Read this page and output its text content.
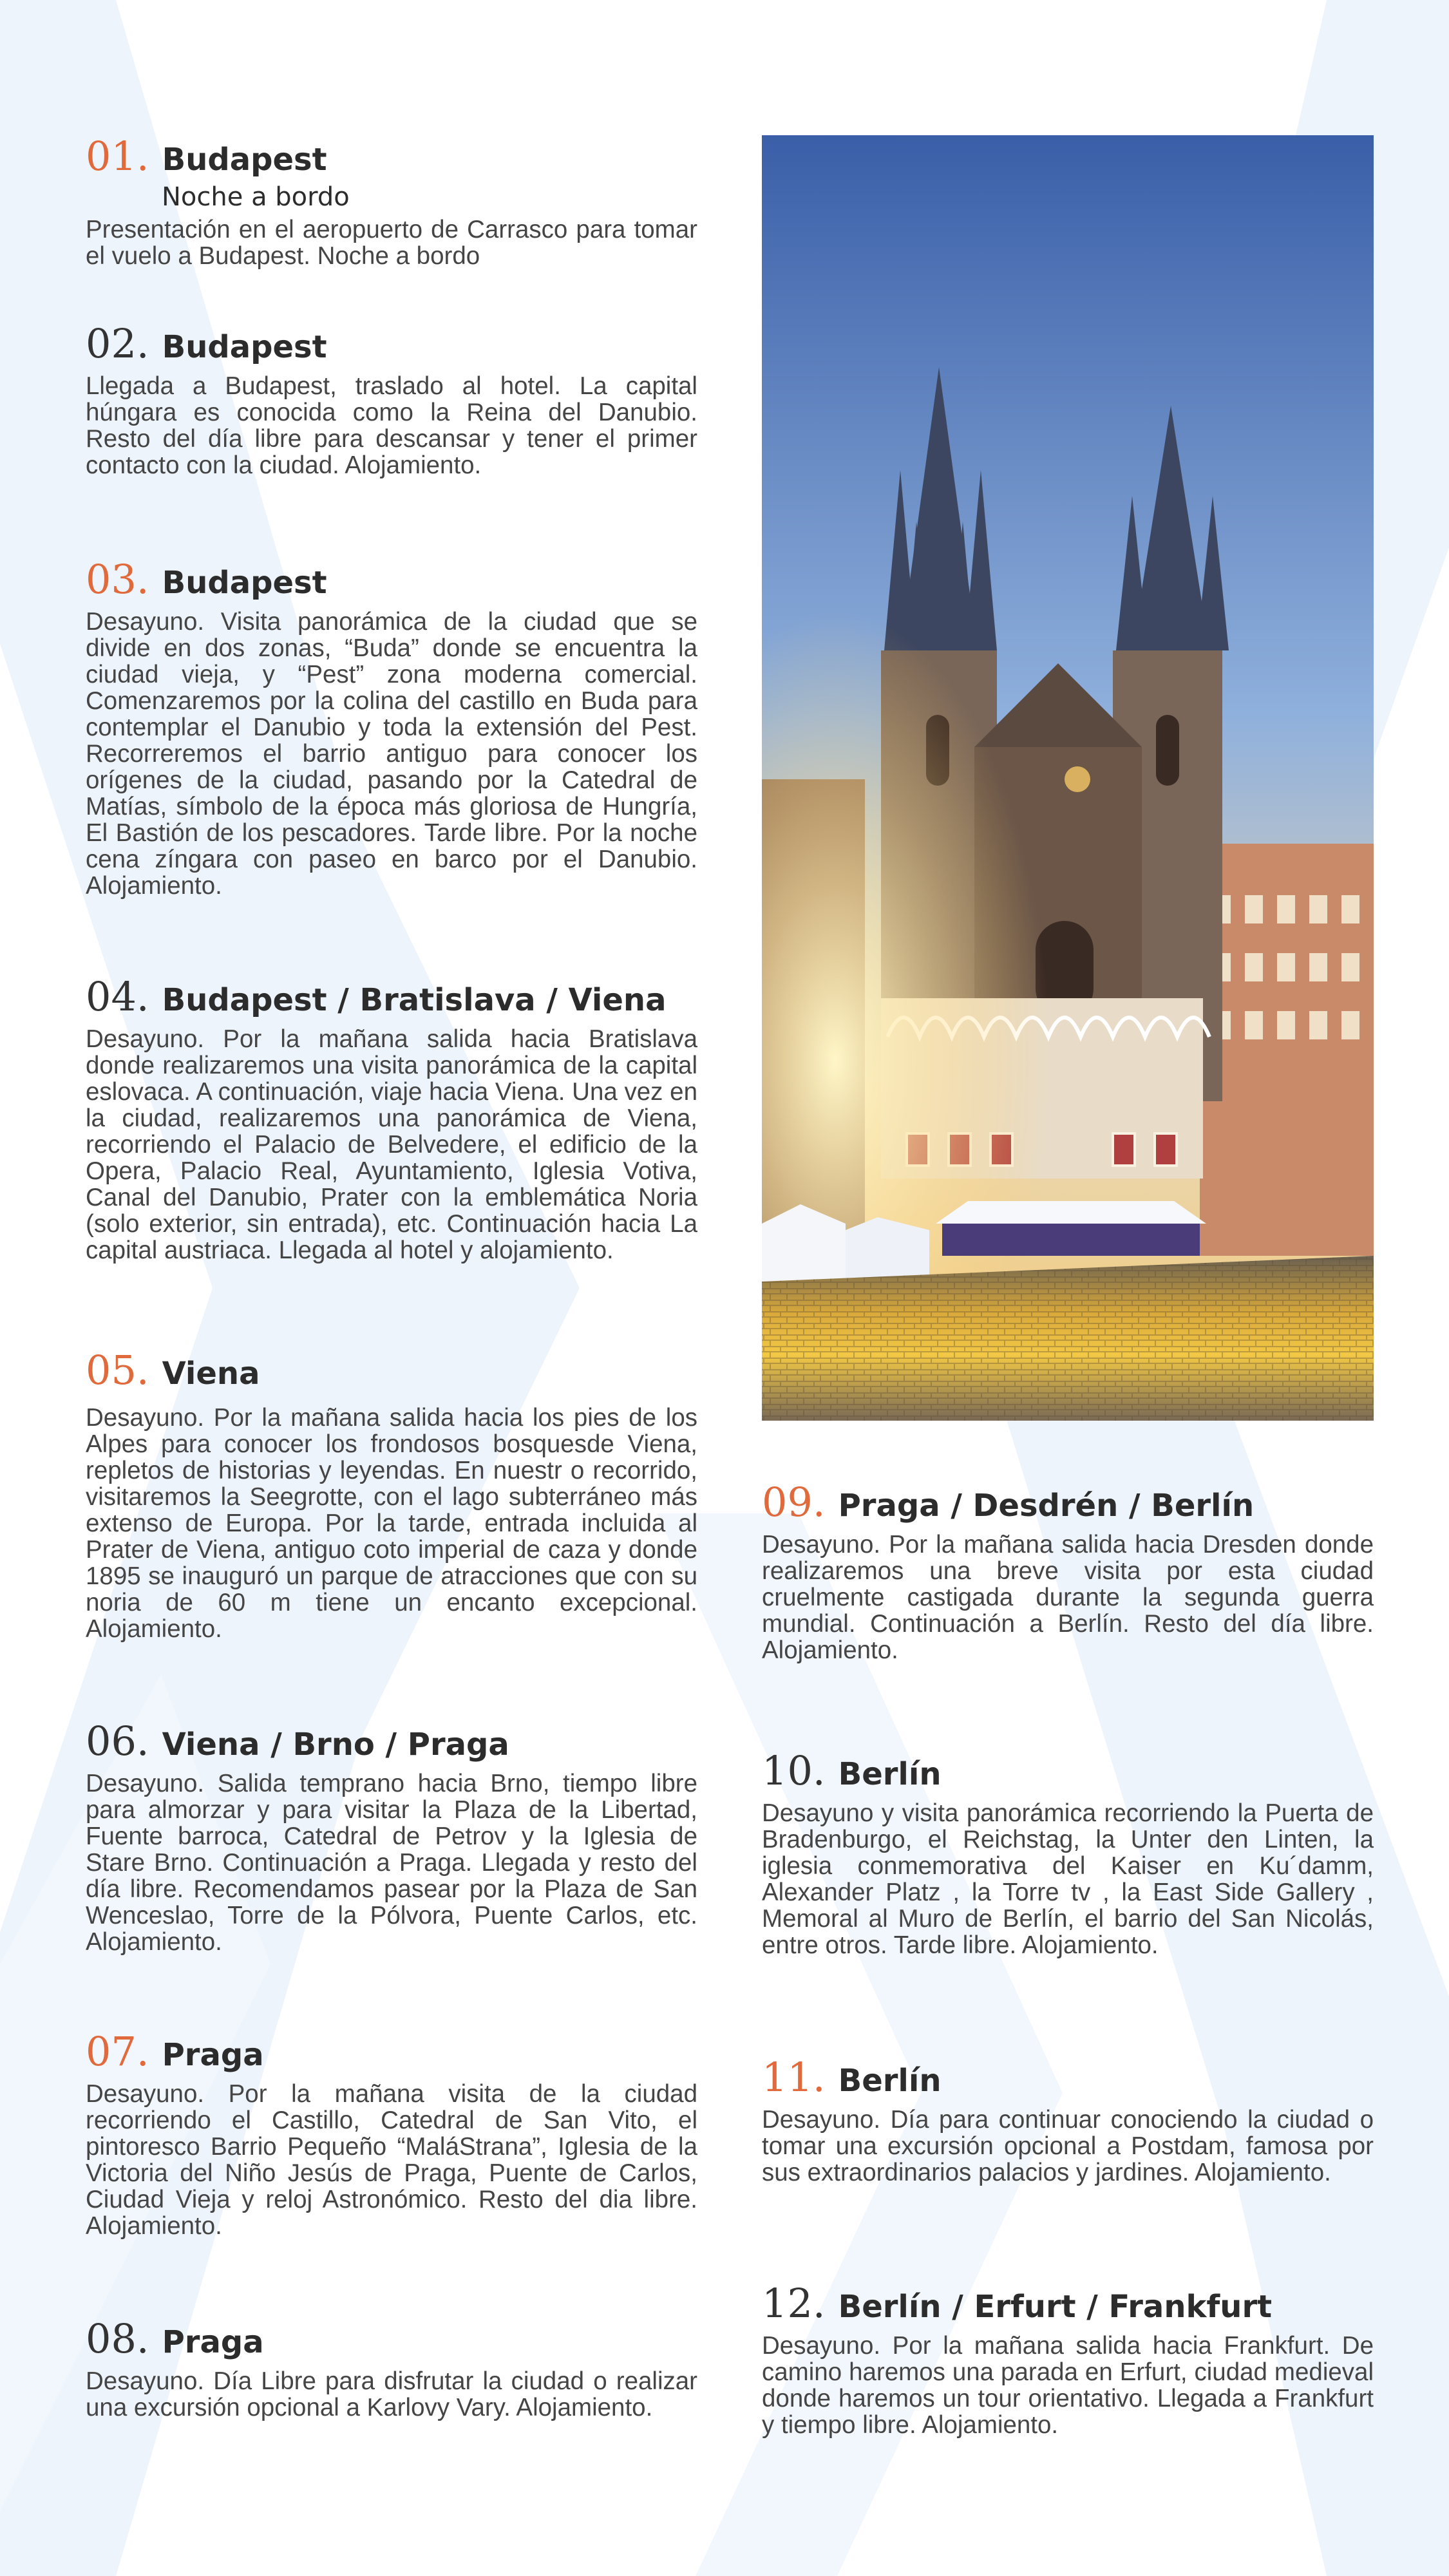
01. Budapest
Noche a bordo
Presentación en el aeropuerto de Carrasco para tomar el vuelo a Budapest. Noche a bordo
02. Budapest
Llegada a Budapest, traslado al hotel. La capital húngara es conocida como la Reina del Danubio. Resto del día libre para descansar y tener el primer contacto con la ciudad. Alojamiento.
03. Budapest
Desayuno. Visita panorámica de la ciudad que se divide en dos zonas, “Buda” donde se encuentra la ciudad vieja, y “Pest” zona moderna comercial. Comenzaremos por la colina del castillo en Buda para contemplar el Danubio y toda la extensión del Pest. Recorreremos el barrio antiguo para conocer los orígenes de la ciudad, pasando por la Catedral de Matías, símbolo de la época más gloriosa de Hungría, El Bastión de los pescadores. Tarde libre. Por la noche cena zíngara con paseo en barco por el Danubio. Alojamiento.
04. Budapest / Bratislava / Viena
Desayuno. Por la mañana salida hacia Bratislava donde realizaremos una visita panorámica de la capital eslovaca. A continuación, viaje hacia Viena. Una vez en la ciudad, realizaremos una panorámica de Viena, recorriendo el Palacio de Belvedere, el edificio de la Opera, Palacio Real, Ayuntamiento, Iglesia Votiva, Canal del Danubio, Prater con la emblemática Noria (solo exterior, sin entrada), etc. Continuación hacia La capital austriaca. Llegada al hotel y alojamiento.
05. Viena
Desayuno. Por la mañana salida hacia los pies de los Alpes para conocer los frondosos bosquesde Viena, repletos de historias y leyendas. En nuestr o recorrido, visitaremos la Seegrotte, con el lago subterráneo más extenso de Europa. Por la tarde, entrada incluida al Prater de Viena, antiguo coto imperial de caza y donde 1895 se inauguró un parque de atracciones que con su noria de 60 m tiene un encanto excepcional. Alojamiento.
06. Viena / Brno / Praga
Desayuno. Salida temprano hacia Brno, tiempo libre para almorzar y para visitar la Plaza de la Libertad, Fuente barroca, Catedral de Petrov y la Iglesia de Stare Brno. Continuación a Praga. Llegada y resto del día libre. Recomendamos pasear por la Plaza de San Wenceslao, Torre de la Pólvora, Puente Carlos, etc. Alojamiento.
07. Praga
Desayuno. Por la mañana visita de la ciudad recorriendo el Castillo, Catedral de San Vito, el pintoresco Barrio Pequeño “MaláStrana”, Iglesia de la Victoria del Niño Jesús de Praga, Puente de Carlos, Ciudad Vieja y reloj Astronómico. Resto del dia libre. Alojamiento.
08. Praga
Desayuno. Día Libre para disfrutar la ciudad o realizar una excursión opcional a Karlovy Vary. Alojamiento.
09. Praga / Desdrén / Berlín
Desayuno. Por la mañana salida hacia Dresden donde realizaremos una breve visita por esta ciudad cruelmente castigada durante la segunda guerra mundial. Continuación a Berlín. Resto del día libre. Alojamiento.
10. Berlín
Desayuno y visita panorámica recorriendo la Puerta de Bradenburgo, el Reichstag, la Unter den Linten, la iglesia conmemorativa del Kaiser en Ku´damm, Alexander Platz , la Torre tv , la East Side Gallery , Memoral al Muro de Berlín, el barrio del San Nicolás, entre otros. Tarde libre. Alojamiento.
11. Berlín
Desayuno. Día para continuar conociendo la ciudad o tomar una excursión opcional a Postdam, famosa por sus extraordinarios palacios y jardines. Alojamiento.
12. Berlín / Erfurt / Frankfurt
Desayuno. Por la mañana salida hacia Frankfurt. De camino haremos una parada en Erfurt, ciudad medieval donde haremos un tour orientativo. Llegada a Frankfurt y tiempo libre. Alojamiento.
